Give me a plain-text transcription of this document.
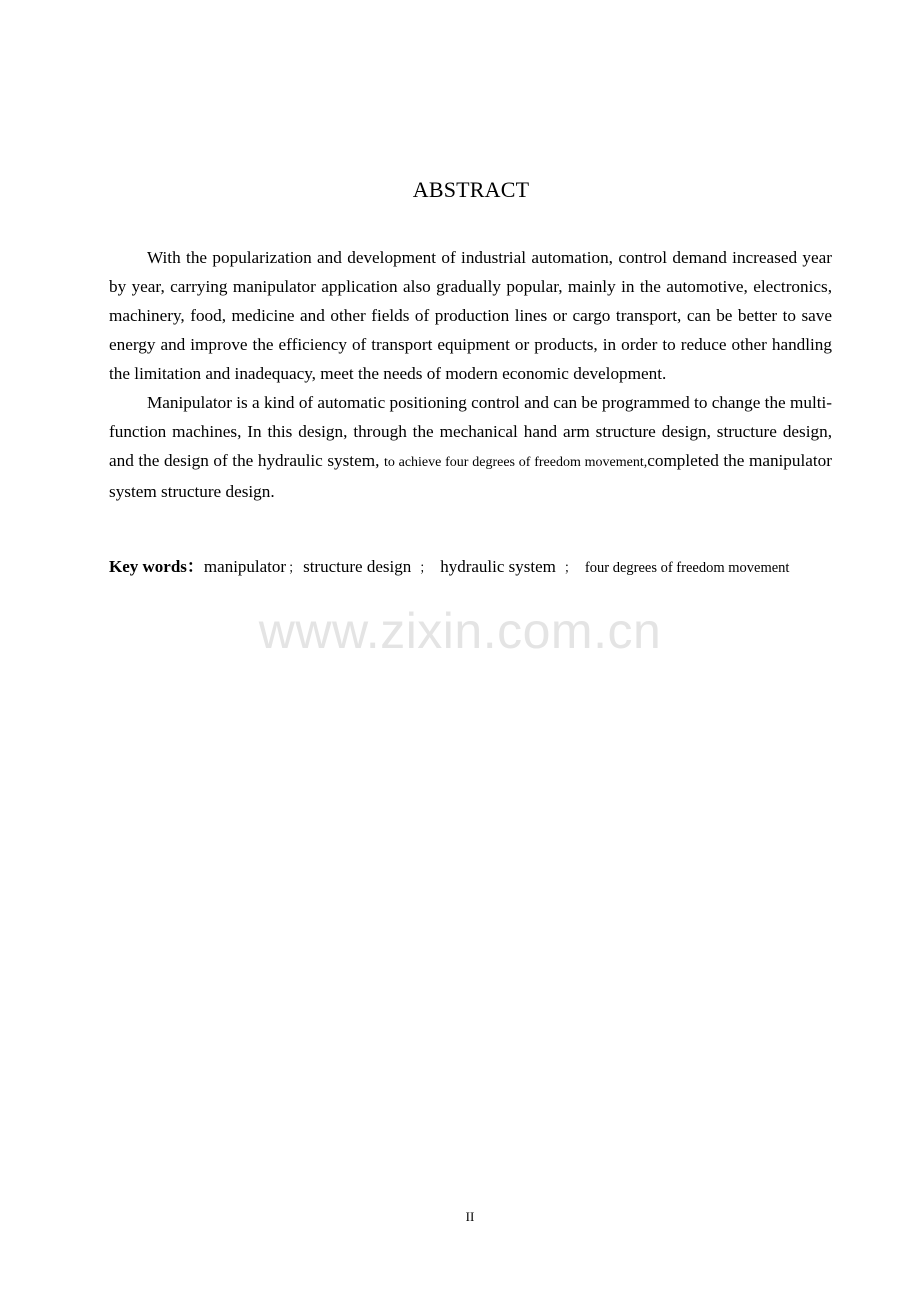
ABSTRACT

With the popularization and development of industrial automation, control demand increased year by year, carrying manipulator application also gradually popular, mainly in the automotive, electronics, machinery, food, medicine and other fields of production lines or cargo transport, can be better to save energy and improve the efficiency of transport equipment or products, in order to reduce other handling the limitation and inadequacy, meet the needs of modern economic development.

Manipulator is a kind of automatic positioning control and can be programmed to change the multi-function machines, In this design, through the mechanical hand arm structure design, structure design, and the design of the hydraulic system, to achieve four degrees of freedom movement,completed the manipulator system structure design.

Key words：manipulator ； structure design ； hydraulic system ； four degrees of freedom movement
www.zixin.com.cn
II
